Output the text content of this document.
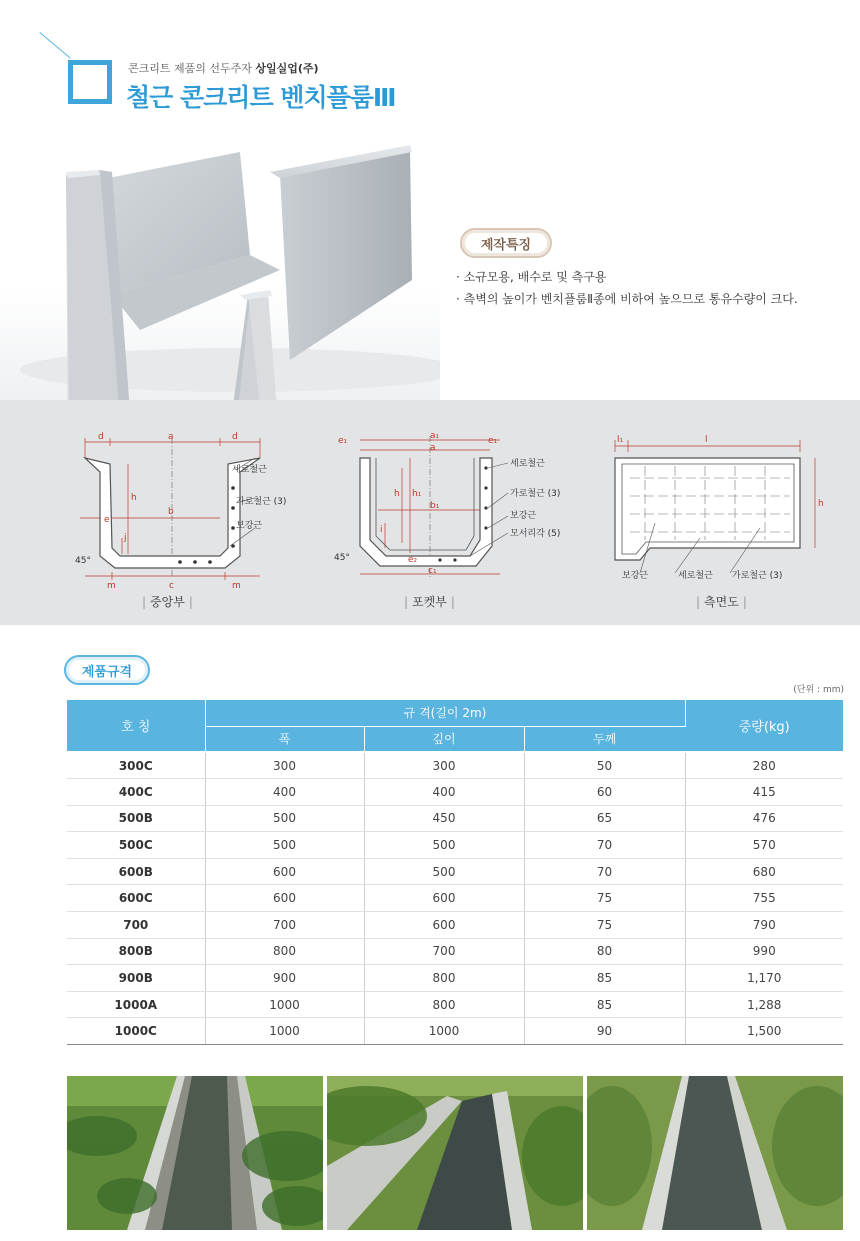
콘크리트 제품의 선두주자 상일실업(주)
철근 콘크리트 벤치플룸Ⅲ
제작특징
· 소규모용, 배수로 및 측구용
· 측벽의 높이가 벤치플룸Ⅱ종에 비하여 높으므로 통유수량이 크다.
d	a	d
h
e
b
j
m	c	m
45°
세로철근
가로철근 (3)
보강근
| 중앙부 |
e₁	a₁
a
e₁
h₁
h
b₁
i
e₂
c₁
45°
세로철근
가로철근 (3)
보강근
모서리각 (5)
| 포켓부 |
l₁	l
h
보강근	세로철근 가로철근 (3)
| 측면도 |
제품규격
(단위 : mm)
호 칭	규 격(길이 2m)			중량(kg)
	폭	깊이	두께	
300C	300	300	50	280
400C	400	400	60	415
500B	500	450	65	476
500C	500	500	70	570
600B	600	500	70	680
600C	600	600	75	755
700	700	600	75	790
800B	800	700	80	990
900B	900	800	85	1,170
1000A	1000	800	85	1,288
1000C	1000	1000	90	1,500
